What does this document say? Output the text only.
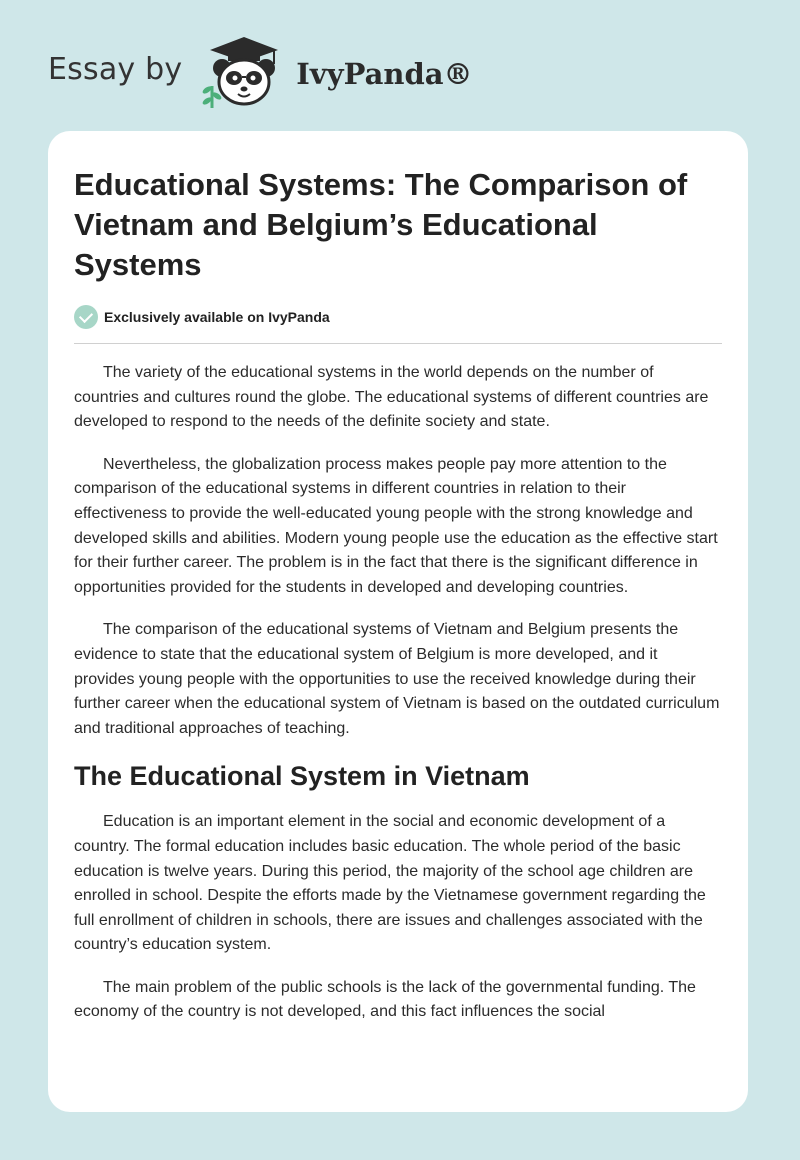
Essay by	IvyPanda®
Educational Systems: The Comparison of Vietnam and Belgium’s Educational Systems
Exclusively available on IvyPanda

The variety of the educational systems in the world depends on the number of countries and cultures round the globe. The educational systems of different countries are developed to respond to the needs of the definite society and state.

Nevertheless, the globalization process makes people pay more attention to the comparison of the educational systems in different countries in relation to their effectiveness to provide the well-educated young people with the strong knowledge and developed skills and abilities. Modern young people use the education as the effective start for their further career. The problem is in the fact that there is the significant difference in opportunities provided for the students in developed and developing countries.

The comparison of the educational systems of Vietnam and Belgium presents the evidence to state that the educational system of Belgium is more developed, and it provides young people with the opportunities to use the received knowledge during their further career when the educational system of Vietnam is based on the outdated curriculum and traditional approaches of teaching.

The Educational System in Vietnam

Education is an important element in the social and economic development of a country. The formal education includes basic education. The whole period of the basic education is twelve years. During this period, the majority of the school age children are enrolled in school. Despite the efforts made by the Vietnamese government regarding the full enrollment of children in schools, there are issues and challenges associated with the country’s education system.

The main problem of the public schools is the lack of the governmental funding. The economy of the country is not developed, and this fact influences the social
